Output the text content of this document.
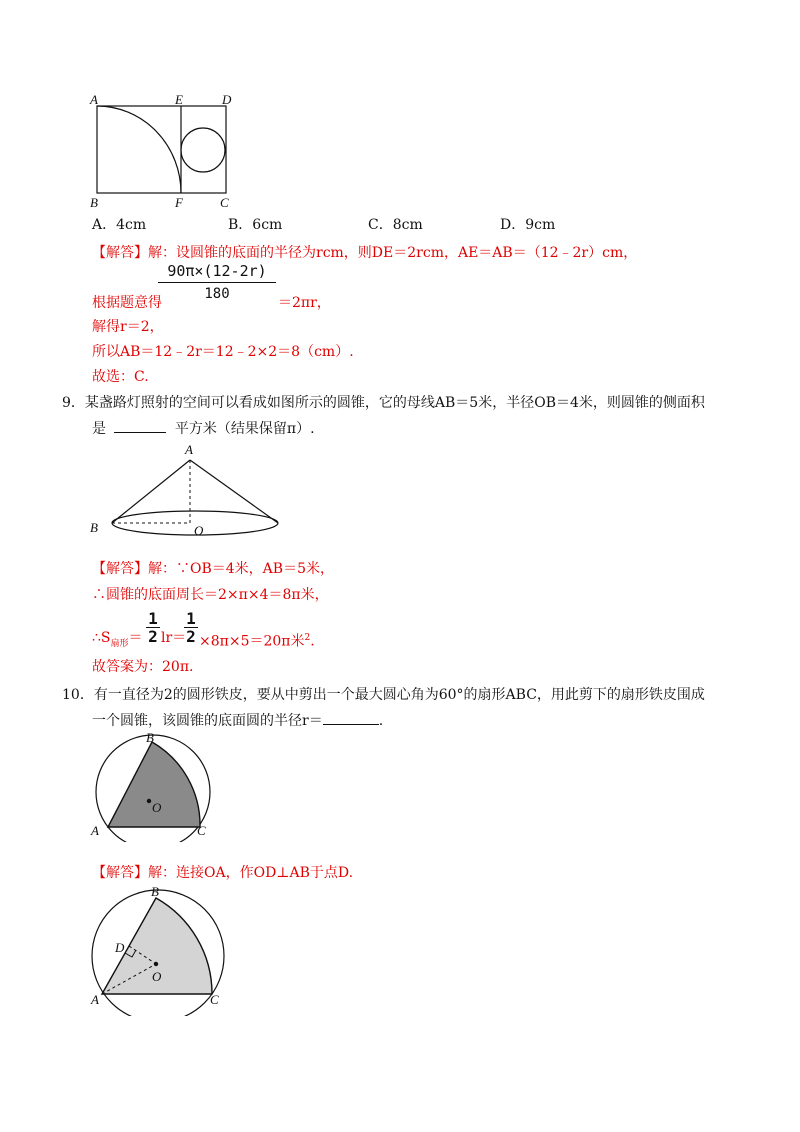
A	E	D
B	F	C
A．4cm	B．6cm	C．8cm	D．9cm
【解答】解：设圆锥的底面的半径为rcm，则DE＝2rcm，AE＝AB＝（12﹣2r）cm，
$\frac{90\pi\times(12-2r)}{180}$
根据题意得	＝2πr，
解得r＝2，
所以AB＝12﹣2r＝12﹣2×2＝8（cm）.
故选：C.
9．某盏路灯照射的空间可以看成如图所示的圆锥，它的母线AB＝5米，半径OB＝4米，则圆锥的侧面积
是	平方米（结果保留π）.
A
B	O
【解答】解：∵OB＝4米，AB＝5米，
∴圆锥的底面周长＝2×π×4＝8π米，
$\therefore S_{扇形}= \frac{1}{2} lr=$
$\frac{1}{2} \times 8\pi\times 5=20\pi$米$^2$.
故答案为：20π.
10．有一直径为2的圆形铁皮，要从中剪出一个最大圆心角为60°的扇形ABC，用此剪下的扇形铁皮围成
一个圆锥，该圆锥的底面圆的半径r＝	.
O
B
A	C
【解答】解：连接OA，作OD⊥AB于点D.
O
B
D
A	C
